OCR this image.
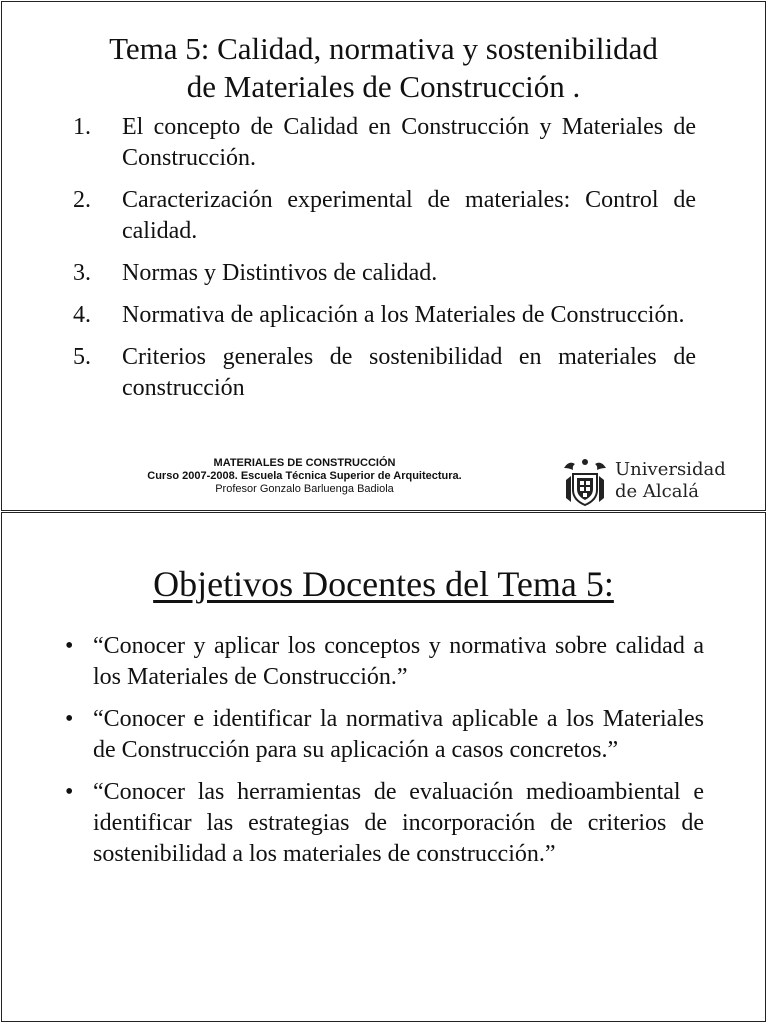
Tema 5: Calidad, normativa y sostenibilidad
de Materiales de Construcción .
1. El concepto de Calidad en Construcción y Materiales de Construcción.
2. Caracterización experimental de materiales: Control de calidad.
3. Normas y Distintivos de calidad.
4. Normativa de aplicación a los Materiales de Construcción.
5. Criterios generales de sostenibilidad en materiales de construcción
MATERIALES DE CONSTRUCCIÓN
Curso 2007-2008. Escuela Técnica Superior de Arquitectura.
Profesor Gonzalo Barluenga Badiola
Universidad
de Alcalá
Objetivos Docentes del Tema 5:
• “Conocer y aplicar los conceptos y normativa sobre calidad a los Materiales de Construcción.”
• “Conocer e identificar la normativa aplicable a los Materiales de Construcción para su aplicación a casos concretos.”
• “Conocer las herramientas de evaluación medioambiental e identificar las estrategias de incorporación de criterios de sostenibilidad a los materiales de construcción.”
